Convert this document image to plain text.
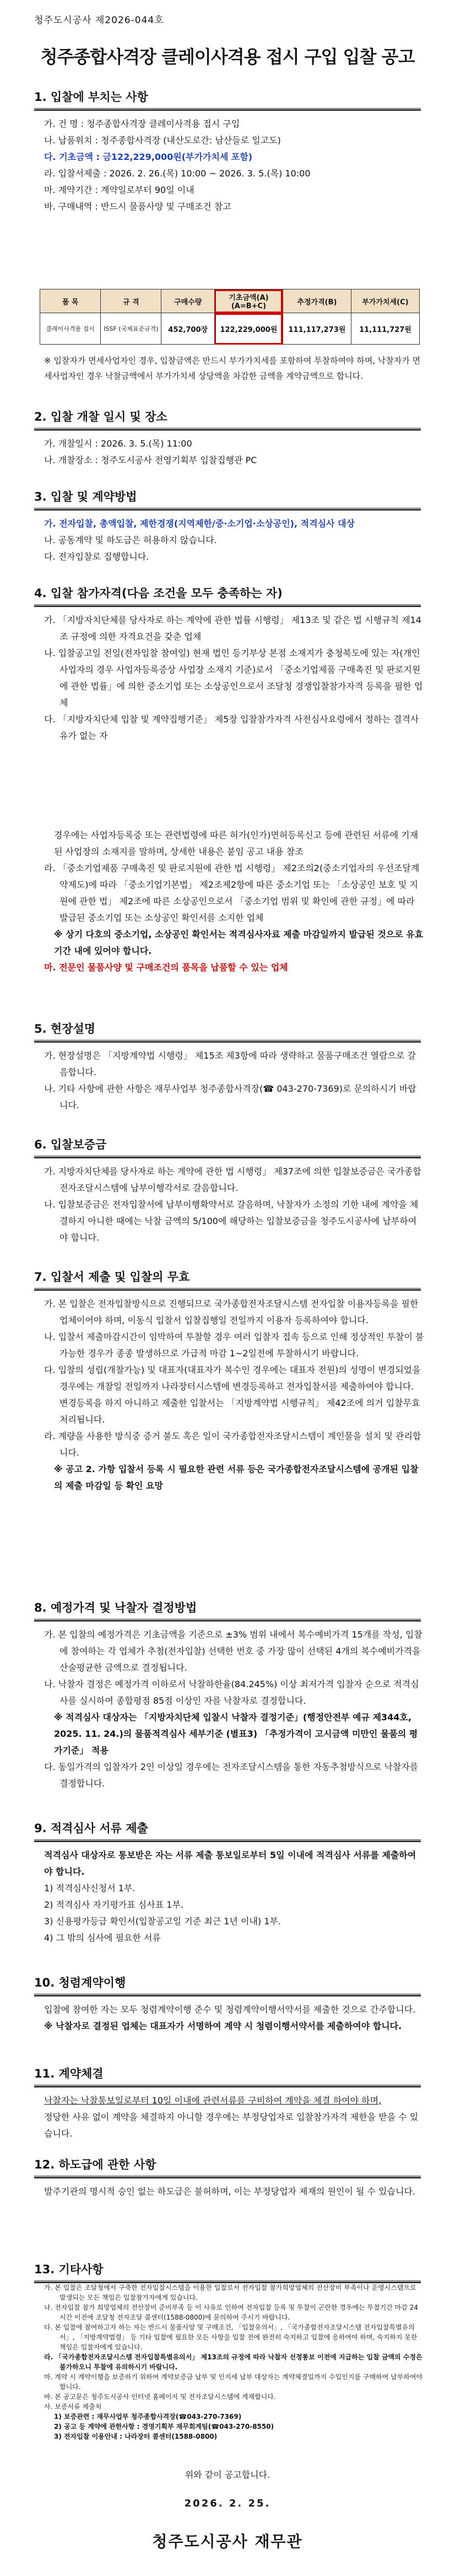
청주도시공사 제2026-044호
청주종합사격장 클레이사격용 접시 구입 입찰 공고
1. 입찰에 부치는 사항
가. 건 명 : 청주종합사격장 클레이사격용 접시 구입
나. 납품위치 : 청주종합사격장 (내산도로간: 남산들로 일고도)
다. 기초금액 : 금122,229,000원(부가가치세 포함)
라. 입찰서제출 : 2026. 2. 26.(목) 10:00 ~ 2026. 3. 5.(목) 10:00
마. 계약기간 : 계약일로부터 90일 이내
바. 구매내역 : 반드시 물품사양 및 구매조건 참고
품 목	규 격	구매수량	기초금액(A) (A=B+C)	추정가격(B)	부가가치세(C)
클레이사격용 접시	ISSF (국제표준규격)	452,700장	122,229,000원	111,117,273원	11,111,727원
※ 입찰자가 면세사업자인 경우, 입찰금액은 반드시 부가가치세를 포함하여 투찰하여야 하며, 낙찰자가 면세사업자인 경우 낙찰금액에서 부가가치세 상당액을 차감한 금액을 계약금액으로 합니다.
2. 입찰 개찰 일시 및 장소
가. 개찰일시 : 2026. 3. 5.(목) 11:00
나. 개찰장소 : 청주도시공사 전영기획부 입찰집행관 PC
3. 입찰 및 계약방법
가. 전자입찰, 총액입찰, 제한경쟁(지역제한/중·소기업·소상공인), 적격심사 대상
나. 공동계약 및 하도급은 허용하지 않습니다.
다. 전자입찰로 집행합니다.
4. 입찰 참가자격(다음 조건을 모두 충족하는 자)
가. 「지방자치단체를 당사자로 하는 계약에 관한 법률 시행령」 제13조 및 같은 법 시행규칙 제14조 규정에 의한 자격요건을 갖춘 업체
나. 입찰공고일 전일(전자입찰 참여일) 현재 법인 등기부상 본점 소재지가 충청북도에 있는 자(개인사업자의 경우 사업자등록증상 사업장 소재지 기준)로서 「중소기업제품 구매촉진 및 판로지원에 관한 법률」에 의한 중소기업 또는 소상공인으로서 조달청 경쟁입찰참가자격 등록을 필한 업체
다. 「지방자치단체 입찰 및 계약집행기준」 제5장 입찰참가자격 사전심사요령에서 정하는 결격사유가 없는 자
경우에는 사업자등록증 또는 관련법령에 따른 허가(인가)면허등록신고 등에 관련된 서류에 기재된 사업장의 소재지를 말하며, 상세한 내용은 붙임 공고 내용 참조
라. 「중소기업제품 구매촉진 및 판로지원에 관한 법 시행령」 제2조의2(중소기업자의 우선조달계약제도)에 따라 「중소기업기본법」 제2조제2항에 따른 중소기업 또는 「소상공인 보호 및 지원에 관한 법」 제2조에 따른 소상공인으로서 「중소기업 범위 및 확인에 관한 규정」에 따라 발급된 중소기업 또는 소상공인 확인서를 소지한 업체
※ 상기 다호의 중소기업, 소상공인 확인서는 적격심사자료 제출 마감일까지 발급된 것으로 유효기간 내에 있어야 합니다.
마. 전문인 물품사양 및 구매조건의 품목을 납품할 수 있는 업체
5. 현장설명
가. 현장설명은 「지방계약법 시행령」 제15조 제3항에 따라 생략하고 물품구매조건 열람으로 갈음합니다.
나. 기타 사항에 관한 사항은 재무사업부 청주종합사격장(☎ 043-270-7369)로 문의하시기 바랍니다.
6. 입찰보증금
가. 지방자치단체를 당사자로 하는 계약에 관한 법 시행령」 제37조에 의한 입찰보증금은 국가종합전자조달시스템에 납부이행각서로 갈음합니다.
나. 입찰보증금은 전자입찰서에 납부이행확약서로 갈음하며, 낙찰자가 소정의 기한 내에 계약을 체결하지 아니한 때에는 낙찰 금액의 5/100에 해당하는 입찰보증금을 청주도시공사에 납부하여야 합니다.
7. 입찰서 제출 및 입찰의 무효
가. 본 입찰은 전자입찰방식으로 진행되므로 국가종합전자조달시스템 전자입찰 이용자등록을 필한 업체이어야 하며, 이동식 입찰서 입찰집행일 전일까지 이용자 등록하여야 합니다.
나. 입찰서 제출마감시간이 임박하여 투찰할 경우 여러 입찰자 접속 등으로 인해 정상적인 투찰이 불가능한 경우가 종종 발생하므로 가급적 마감 1~2일전에 투찰하시기 바랍니다.
다. 입찰의 성립(개찰가능) 및 대표자(대표자가 복수인 경우에는 대표자 전원)의 성명이 변경되었을 경우에는 개찰일 전일까지 나라장터시스템에 변경등록하고 전자입찰서를 제출하여야 합니다. 변경등록을 하지 아니하고 제출한 입찰서는 「지방계약법 시행규칙」 제42조에 의거 입찰무효 처리됩니다.
라. 계량을 사용한 방식중 증거 불도 혹은 일이 국가종합전자조달시스템이 계인물을 설치 및 관리합니다.
※ 공고 2. 가항 입찰서 등록 시 필요한 관련 서류 등은 국가종합전자조달시스템에 공개된 입찰의 제출 마감일 등 확인 요망
8. 예정가격 및 낙찰자 결정방법
가. 본 입찰의 예정가격은 기초금액을 기준으로 ±3% 범위 내에서 복수예비가격 15개를 작성, 입찰에 참여하는 각 업체가 추첨(전자입찰) 선택한 번호 중 가장 많이 선택된 4개의 복수예비가격을 산술평균한 금액으로 결정됩니다.
나. 낙찰자 결정은 예정가격 이하로서 낙찰하한율(84.245%) 이상 최저가격 입찰자 순으로 적격심사를 실시하여 종합평점 85점 이상인 자를 낙찰자로 결정합니다.
※ 적격심사 대상자는 「지방자치단체 입찰시 낙찰자 결정기준」(행정안전부 예규 제344호, 2025. 11. 24.)의 물품적격심사 세부기준 (별표3) 「추정가격이 고시금액 미만인 물품의 평가기준」 적용
다. 동일가격의 입찰자가 2인 이상일 경우에는 전자조달시스템을 통한 자동추첨방식으로 낙찰자를 결정합니다.
9. 적격심사 서류 제출
적격심사 대상자로 통보받은 자는 서류 제출 통보일로부터 5일 이내에 적격심사 서류를 제출하여야 합니다.
1) 적격심사신청서 1부.
2) 적격심사 자기평가표 심사표 1부.
3) 신용평가등급 확인서(입찰공고일 기준 최근 1년 이내) 1부.
4) 그 밖의 심사에 필요한 서류
10. 청렴계약이행
입찰에 참여한 자는 모두 청렴계약이행 준수 및 청렴계약이행서약서를 제출한 것으로 간주합니다.
※ 낙찰자로 결정된 업체는 대표자가 서명하여 계약 시 청렴이행서약서를 제출하여야 합니다.
11. 계약체결
낙찰자는 낙찰통보일로부터 10일 이내에 관련서류를 구비하여 계약을 체결 하여야 하며,
정당한 사유 없이 계약을 체결하지 아니할 경우에는 부정당업자로 입찰참가자격 제한을 받을 수 있습니다.
12. 하도급에 관한 사항
발주기관의 명시적 승인 없는 하도급은 불허하며, 이는 부정당업자 제재의 원인이 될 수 있습니다.
13. 기타사항
가. 본 입찰은 조달청에서 구축한 전자입찰시스템을 이용한 입찰로서 전자입찰 참가희망업체의 전산장비 부족이나 운영시스템으로 발생되는 모든 책임은 입찰참가자에게 있습니다.
나. 전자입찰 참가 희망업체의 전산장비 준비부족 등 이 사유로 인하여 전자입찰 등록 및 투찰이 곤란한 경우에는 투찰기간 마감 24시간 이전에 조달청 전자조달 콜센터(1588-0800)에 문의하여 주시기 바랍니다.
다. 본 입찰에 참여하고자 하는 자는 반드시 물품사양 및 구매조건, 「입찰유의서」, 「국가종합전자조달시스템 전자입찰특별유의서」, 「지방계약법령」 등 기타 입찰에 필요한 모든 사항을 입찰 전에 완전히 숙지하고 입찰에 응하여야 하며, 숙지하지 못한 책임은 입찰자에게 있습니다.
라. 「국가종합전자조달시스템 전자입찰특별유의서」 제13조의 규정에 따라 낙찰자 선정통보 이전에 지급하는 입찰 금액의 수정은 불가하오니 투찰에 유의하시기 바랍니다.
마. 계약 시 계약이행을 보증하기 위하여 계약보증금 납부 및 인지세 납부 대상자는 계약체결일까지 수입인지를 구매하여 납부하여야 합니다.
바. 본 공고문은 청주도시공사 인터넷 홈페이지 및 전자조달시스템에 게재합니다.
사. 보증서류 제출처
1) 보증관련 : 재무사업부 청주종합사격장(☎043-270-7369)
2) 공고 등 계약에 관한사항 : 경영기획부 재무회계팀(☎043-270-8550)
3) 전자입찰 이용안내 : 나라장터 콜센터(1588-0800)
위와 같이 공고합니다.
2026. 2. 25.
청주도시공사 재무관
